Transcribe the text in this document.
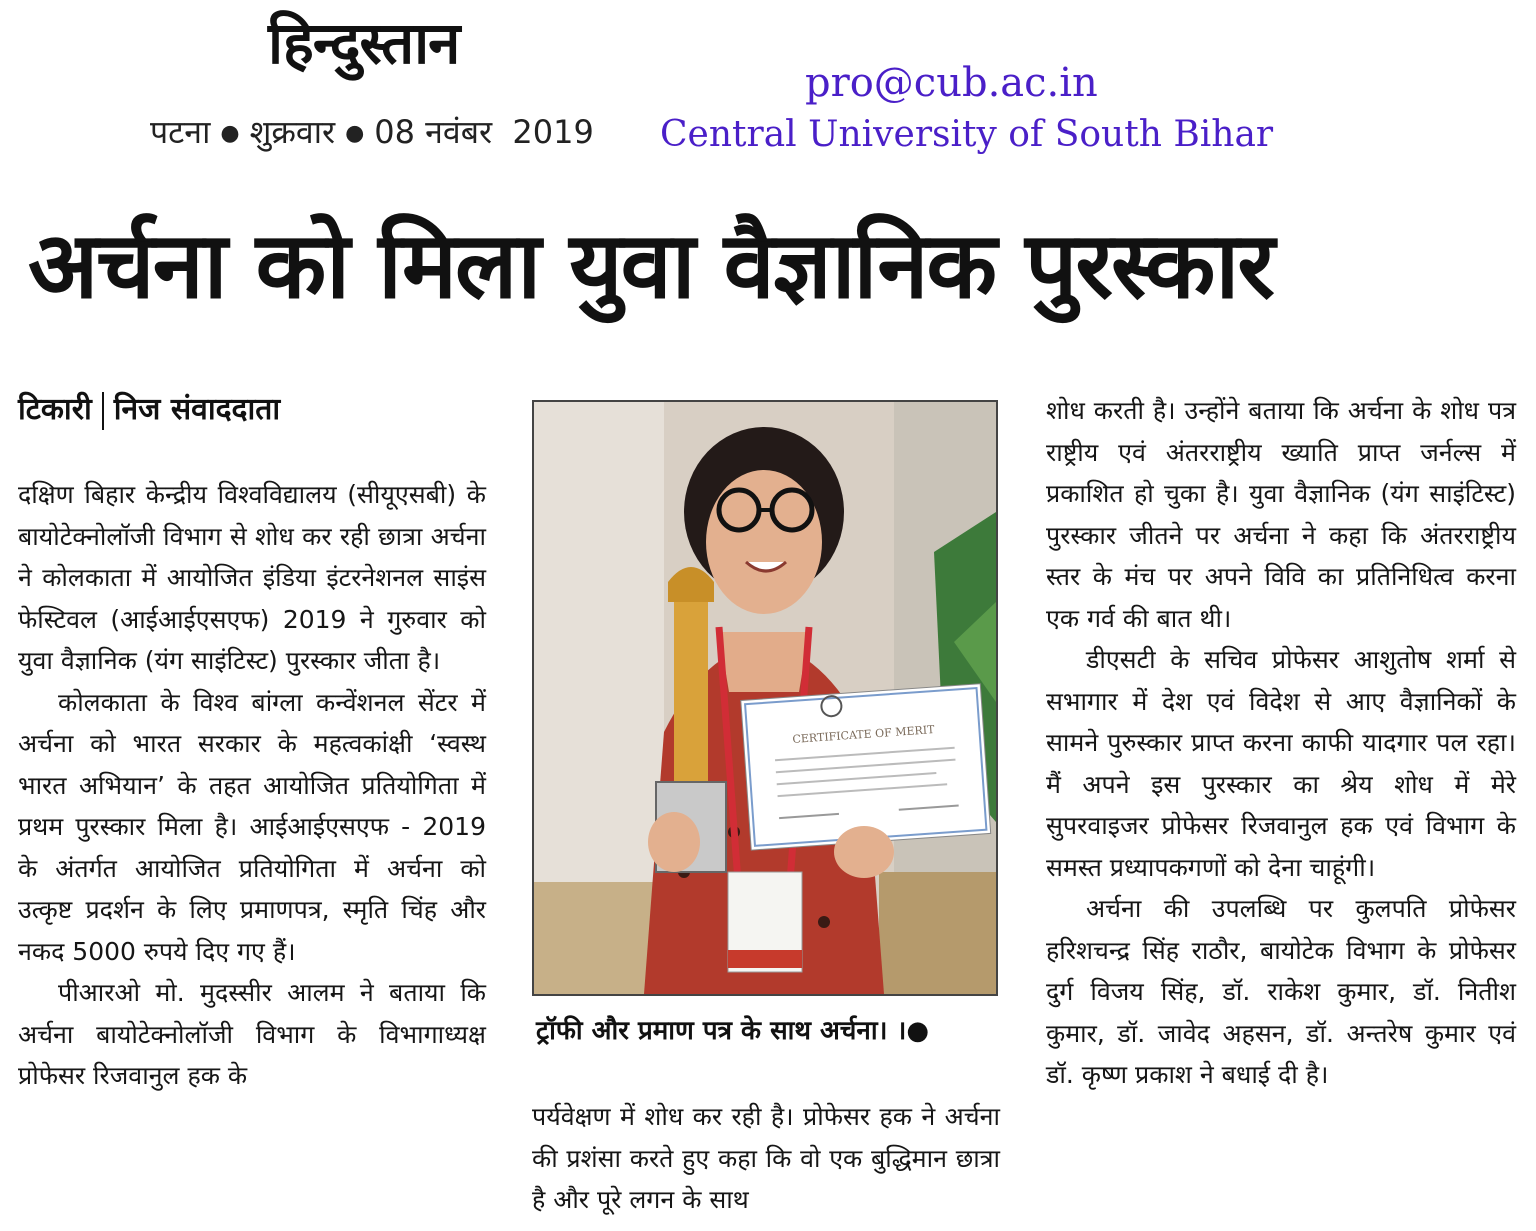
हिन्दुस्तान
पटना ● शुक्रवार ● 08 नवंबर  2019
pro@cub.ac.in
Central University of South Bihar
अर्चना को मिला युवा वैज्ञानिक पुरस्कार
टिकारी निज संवाददाता

दक्षिण बिहार केन्द्रीय विश्वविद्यालय (सीयूएसबी) के बायोटेक्नोलॉजी विभाग से शोध कर रही छात्रा अर्चना ने कोलकाता में आयोजित इंडिया इंटरनेशनल साइंस फेस्टिवल (आईआईएसएफ) 2019 ने गुरुवार को युवा वैज्ञानिक (यंग साइंटिस्ट) पुरस्कार जीता है।

कोलकाता के विश्व बांग्ला कन्वेंशनल सेंटर में अर्चना को भारत सरकार के महत्वकांक्षी ‘स्वस्थ भारत अभियान’ के तहत आयोजित प्रतियोगिता में प्रथम पुरस्कार मिला है। आईआईएसएफ - 2019 के अंतर्गत आयोजित प्रतियोगिता में अर्चना को उत्कृष्ट प्रदर्शन के लिए प्रमाणपत्र, स्मृति चिंह और नकद 5000 रुपये दिए गए हैं।

पीआरओ मो. मुदस्सीर आलम ने बताया कि अर्चना बायोटेक्नोलॉजी विभाग के विभागाध्यक्ष प्रोफेसर रिजवानुल हक के

CERTIFICATE OF MERIT
ट्रॉफी और प्रमाण पत्र के साथ अर्चना। ।●

पर्यवेक्षण में शोध कर रही है। प्रोफेसर हक ने अर्चना की प्रशंसा करते हुए कहा कि वो एक बुद्धिमान छात्रा है और पूरे लगन के साथ

शोध करती है। उन्होंने बताया कि अर्चना के शोध पत्र राष्ट्रीय एवं अंतरराष्ट्रीय ख्याति प्राप्त जर्नल्स में प्रकाशित हो चुका है। युवा वैज्ञानिक (यंग साइंटिस्ट) पुरस्कार जीतने पर अर्चना ने कहा कि अंतरराष्ट्रीय स्तर के मंच पर अपने विवि का प्रतिनिधित्व करना एक गर्व की बात थी।

डीएसटी के सचिव प्रोफेसर आशुतोष शर्मा से सभागार में देश एवं विदेश से आए वैज्ञानिकों के सामने पुरुस्कार प्राप्त करना काफी यादगार पल रहा। मैं अपने इस पुरस्कार का श्रेय शोध में मेरे सुपरवाइजर प्रोफेसर रिजवानुल हक एवं विभाग के समस्त प्रध्यापकगणों को देना चाहूंगी।

अर्चना की उपलब्धि पर कुलपति प्रोफेसर हरिशचन्द्र सिंह राठौर, बायोटेक विभाग के प्रोफेसर दुर्ग विजय सिंह, डॉ. राकेश कुमार, डॉ. नितीश कुमार, डॉ. जावेद अहसन, डॉ. अन्तरेष कुमार एवं डॉ. कृष्ण प्रकाश ने बधाई दी है।
